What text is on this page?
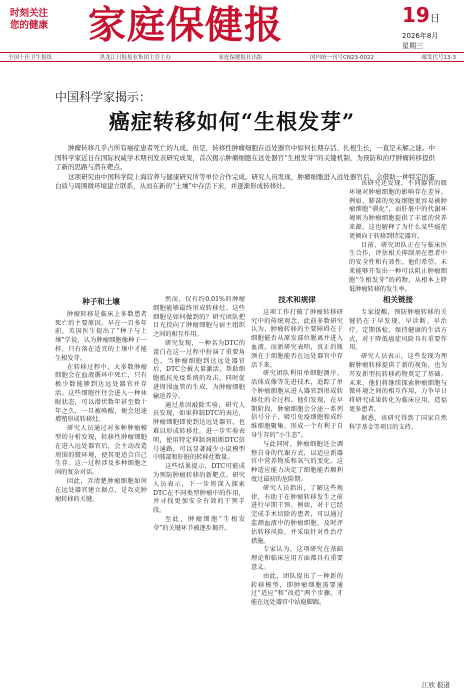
时刻关注 您的健康 家庭保健报	19日
2026年8月
星期三
全国十佳卫生报纸	黑龙江日报报业集团主管主办	家庭保健报社出版	国内统一刊号CN23-0022	邮发代号13-3
中国科学家揭示：
癌症转移如何“生根发芽”

肿瘤转移几乎占所有癌症患者死亡的九成。但是，转移性肿瘤细胞在远处器官中如何长期存活、扎根生长，一直是未解之谜。中国科学家近日在国际权威学术期刊发表研究成果，首次揭示肿瘤细胞在远处器官“生根发芽”的关键机制，为预防和治疗肿瘤转移提供了新的思路与潜在靶点。

这项研究由中国科学院上海营养与健康研究所等单位合作完成。研究人员发现，肿瘤细胞进入远处器官后，会借助一种特定的蛋白质与周围微环境建立联系，从而在新的“土壤”中存活下来，并逐渐形成转移灶。

种子和土壤

肿瘤转移是临床上多数患者死亡的主要原因。早在一百多年前，英国医生提出了“种子与土壤”学说，认为肿瘤细胞像种子一样，只有落在适宜的土壤中才能生根发芽。

在转移过程中，大多数肿瘤细胞会在血液循环中死亡，只有极少数能够到达远处器官并存活。这些细胞往往会进入一种休眠状态，可以潜伏数年甚至数十年之久，一旦被唤醒，便会迅速增殖形成转移灶。

研究人员通过对多种肿瘤模型的分析发现，转移性肿瘤细胞在进入远处器官后，会主动改造周围的微环境，使其更适合自己生存。这一过程涉及多种细胞之间的复杂对话。

因此，弄清楚肿瘤细胞如何在远处器官建立据点，是攻克肿瘤转移的关键。

然而，仅有约0.01%的肿瘤细胞能够最终形成转移灶。这些细胞是如何做到的？研究团队把目光投向了肿瘤细胞与宿主组织之间的相互作用。

研究发现，一种名为DTC的蛋白在这一过程中扮演了重要角色。当肿瘤细胞到达远处器官后，DTC会被大量激活，帮助细胞抵抗免疫系统的攻击，同时促进周围血管的生成，为肿瘤细胞输送养分。

通过基因敲除实验，研究人员发现，如果抑制DTC的表达，肿瘤细胞即使到达远处器官，也难以形成转移灶。进一步实验表明，使用特定抑制剂阻断DTC信号通路，可以显著减少小鼠模型中肺部和肝脏的转移灶数量。

这些结果提示，DTC可能成为预防肿瘤转移的新靶点。研究人员表示，下一步将深入探索DTC在不同类型肿瘤中的作用，并寻找更加安全有效的干预手段。

至此，肿瘤细胞“生根发芽”的关键环节被逐步揭开。

技术和规律

这项工作打破了肿瘤转移研究中的传统观念，此前多数研究认为，肿瘤转移的主要障碍在于细胞能否从原发部位脱离并进入血液。而新研究表明，真正的瓶颈在于细胞能否在远处器官中存活下来。

研究团队利用单细胞测序、活体成像等先进技术，追踪了单个肿瘤细胞从进入器官到形成转移灶的全过程。他们发现，在早期阶段，肿瘤细胞会分泌一系列信号分子，吸引免疫细胞和成纤维细胞聚集，形成一个有利于自身生存的“小生态”。

与此同时，肿瘤细胞还会调整自身的代谢方式，以适应新器官中营养物质和氧气的变化。这种适应能力决定了细胞能否顺利度过最初的危险期。

研究人员指出，了解这些规律，有助于在肿瘤转移发生之前进行早期干预。例如，对于已经完成手术切除的患者，可以通过监测血液中的肿瘤细胞，及时评估转移风险，并采取针对性治疗措施。

专家认为，这项研究在基础理论和临床应用方面都具有重要意义。

由此，团队提出了一种新的转移模型，即肿瘤细胞需要通过“适应”和“改造”两个步骤，才能在远处器官中站稳脚跟。

该研究还发现，不同器官的微环境对肿瘤细胞的影响存在差异。例如，肺部的免疫细胞更容易被肿瘤细胞“驯化”，而肝脏中的代谢环境则为肿瘤细胞提供了丰富的营养来源。这也解释了为什么某些癌症更倾向于转移到特定器官。

目前，研究团队正在与临床医生合作，评估相关抑制剂在患者中的安全性和有效性。他们希望，未来能够开发出一种可以阻止肿瘤细胞“生根发芽”的药物，从根本上降低肿瘤转移的发生率。

相关链接

专家提醒，预防肿瘤转移的关键仍在于早发现、早诊断、早治疗。定期体检、保持健康的生活方式，对于降低癌症风险具有重要作用。

研究人员表示，这些发现为理解肿瘤转移提供了新的视角，也为开发新型抗转移药物奠定了基础。未来，他们将继续探索肿瘤细胞与微环境之间的相互作用，力争早日将研究成果转化为临床应用，造福更多患者。

据悉，该研究得到了国家自然科学基金等项目的支持。

江欣 报道
